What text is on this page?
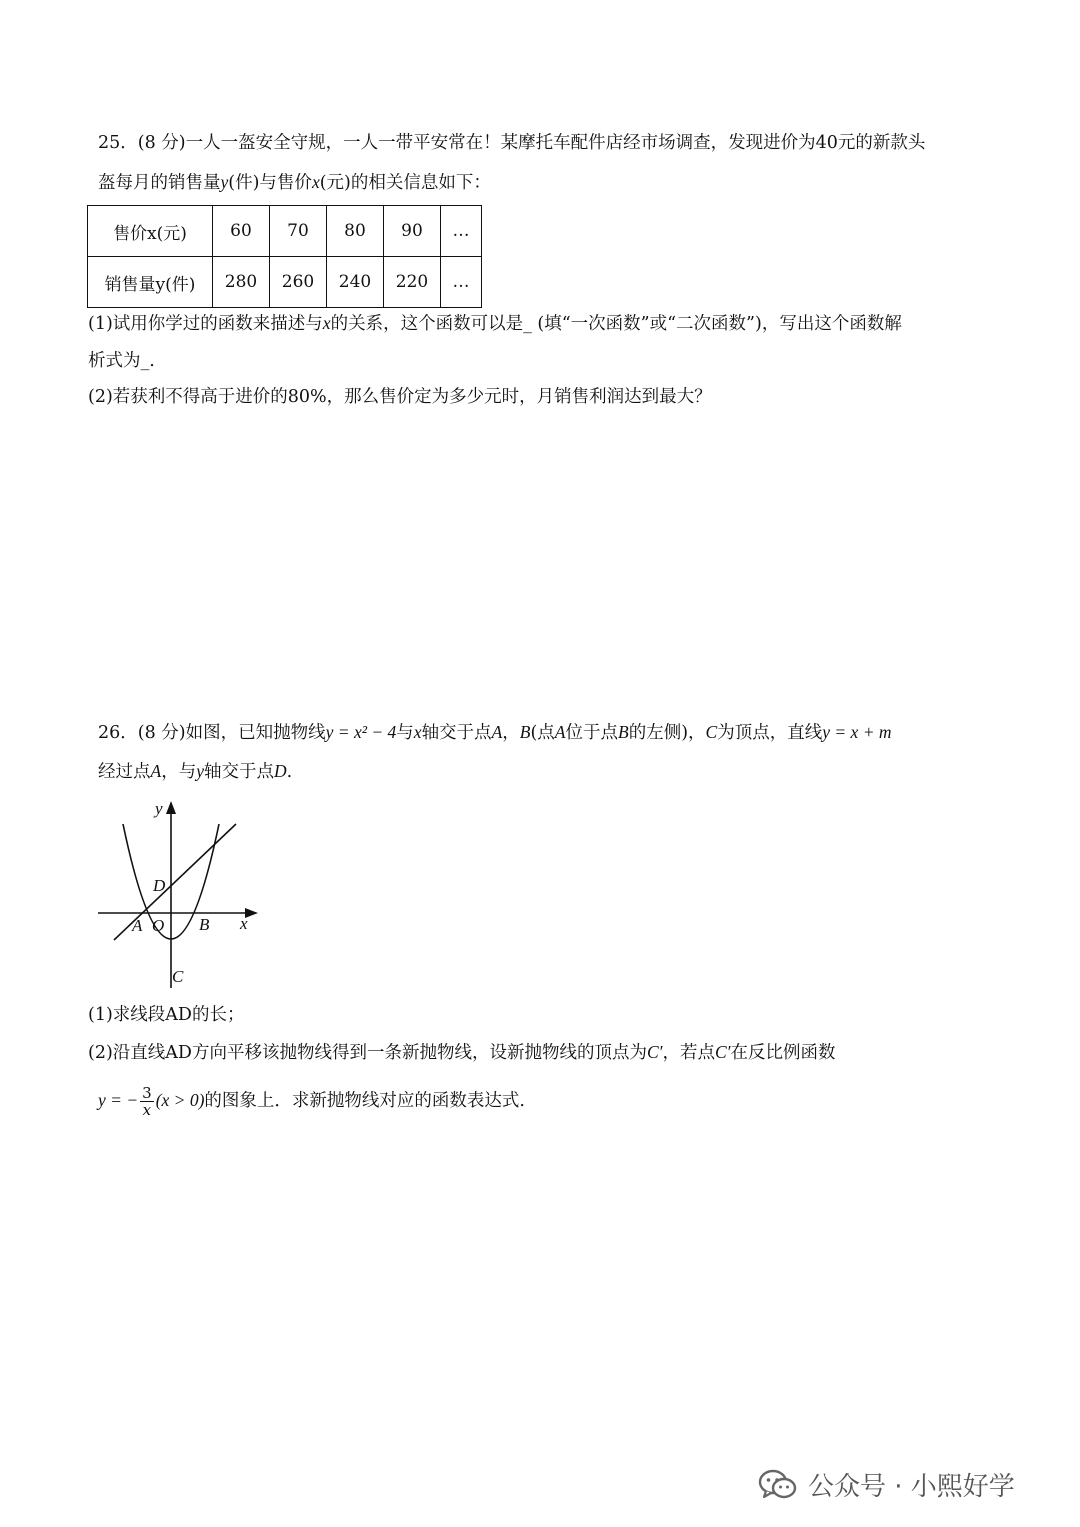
25．(8 分)一人一盔安全守规，一人一带平安常在！某摩托车配件店经市场调查，发现进价为40元的新款头
盔每月的销售量y(件)与售价x(元)的相关信息如下：
售价x(元)	60	70	80	90	…
销售量y(件)	280	260	240	220	…
(1)试用你学过的函数来描述与x的关系，这个函数可以是_ (填“一次函数”或“二次函数”)，写出这个函数解
析式为_.
(2)若获利不得高于进价的80%，那么售价定为多少元时，月销售利润达到最大？
26．(8 分)如图，已知抛物线y = x² − 4与x轴交于点A，B(点A位于点B的左侧)，C为顶点，直线y = x + m
经过点A，与y轴交于点D.
y
x
D
A O B
C
(1)求线段AD的长；
(2)沿直线AD方向平移该抛物线得到一条新抛物线，设新抛物线的顶点为C′，若点C′在反比例函数
y = − $\frac{3}{x} (x > 0)$的图象上．求新抛物线对应的函数表达式.
公众号 · 小熙好学
